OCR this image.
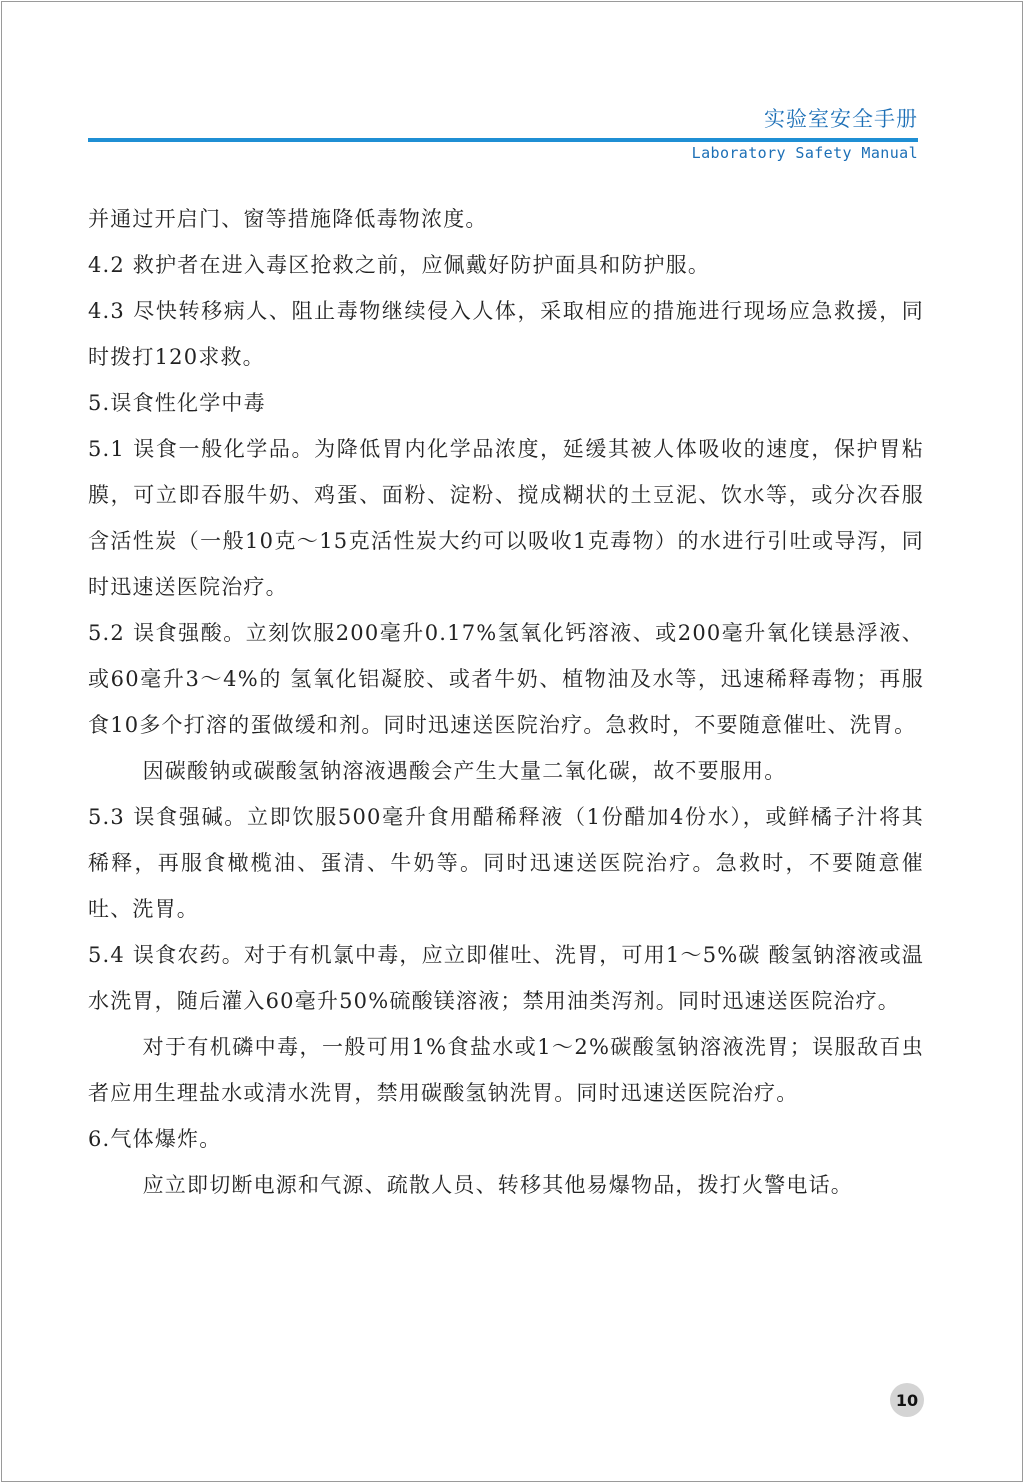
实验室安全手册
Laboratory Safety Manual

并通过开启门、窗等措施降低毒物浓度。

4.2 救护者在进入毒区抢救之前，应佩戴好防护面具和防护服。

4.3 尽快转移病人、阻止毒物继续侵入人体，采取相应的措施进行现场应急救援，同时拨打120求救。

5.误食性化学中毒

5.1 误食一般化学品。为降低胃内化学品浓度，延缓其被人体吸收的速度，保护胃粘膜，可立即吞服牛奶、鸡蛋、面粉、淀粉、搅成糊状的土豆泥、饮水等，或分次吞服含活性炭（一般10克～15克活性炭大约可以吸收1克毒物）的水进行引吐或导泻，同时迅速送医院治疗。

5.2 误食强酸。立刻饮服200毫升0.17%氢氧化钙溶液、或200毫升氧化镁悬浮液、或60毫升3～4%的 氢氧化铝凝胶、或者牛奶、植物油及水等，迅速稀释毒物；再服食10多个打溶的蛋做缓和剂。同时迅速送医院治疗。急救时，不要随意催吐、洗胃。

因碳酸钠或碳酸氢钠溶液遇酸会产生大量二氧化碳，故不要服用。

5.3 误食强碱。立即饮服500毫升食用醋稀释液（1份醋加4份水），或鲜橘子汁将其稀释，再服食橄榄油、蛋清、牛奶等。同时迅速送医院治疗。急救时，不要随意催吐、洗胃。

5.4 误食农药。对于有机氯中毒，应立即催吐、洗胃，可用1～5%碳 酸氢钠溶液或温水洗胃，随后灌入60毫升50%硫酸镁溶液；禁用油类泻剂。同时迅速送医院治疗。

对于有机磷中毒，一般可用1%食盐水或1～2%碳酸氢钠溶液洗胃；误服敌百虫者应用生理盐水或清水洗胃，禁用碳酸氢钠洗胃。同时迅速送医院治疗。

6.气体爆炸。

应立即切断电源和气源、疏散人员、转移其他易爆物品，拨打火警电话。

10
